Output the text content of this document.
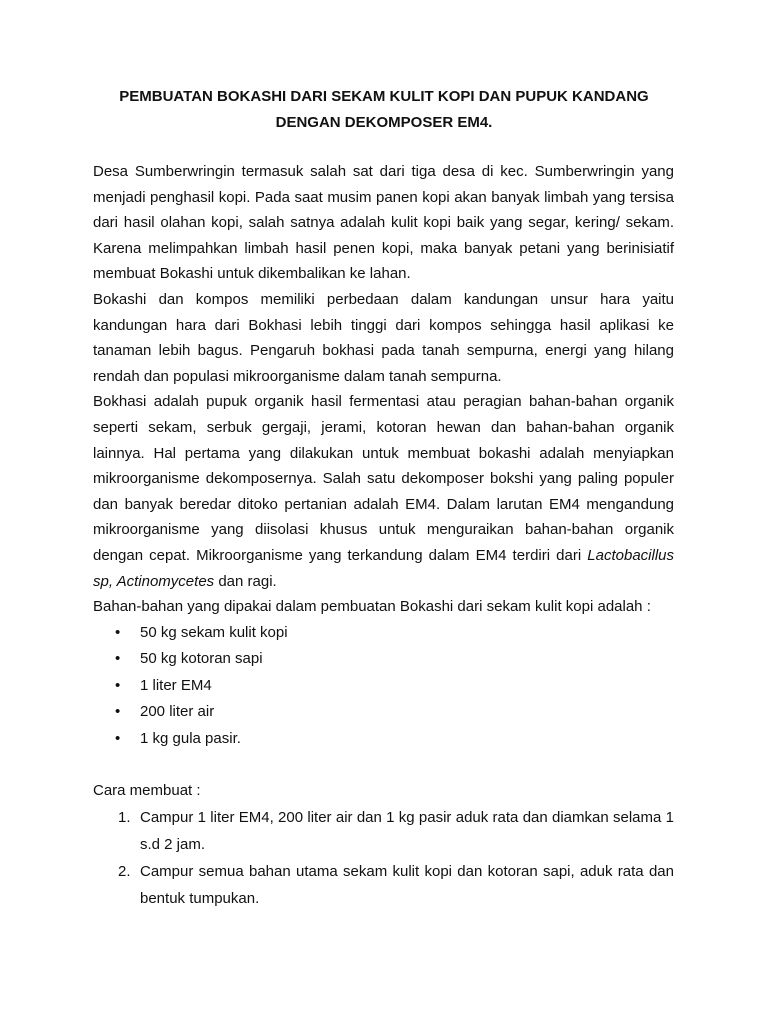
PEMBUATAN BOKASHI DARI SEKAM KULIT KOPI DAN PUPUK KANDANG
DENGAN DEKOMPOSER EM4.

Desa Sumberwringin termasuk salah sat dari tiga desa di kec. Sumberwringin yang menjadi penghasil kopi. Pada saat musim panen kopi akan banyak limbah yang tersisa dari hasil olahan kopi, salah satnya adalah kulit kopi baik yang segar, kering/ sekam. Karena melimpahkan limbah hasil penen kopi, maka banyak petani yang berinisiatif membuat Bokashi untuk dikembalikan ke lahan.

Bokashi dan kompos memiliki perbedaan dalam kandungan unsur hara yaitu kandungan hara dari Bokhasi lebih tinggi dari kompos sehingga hasil aplikasi ke tanaman lebih bagus. Pengaruh bokhasi pada tanah sempurna, energi yang hilang rendah dan populasi mikroorganisme dalam tanah sempurna.

Bokhasi adalah pupuk organik hasil fermentasi atau peragian bahan-bahan organik seperti sekam, serbuk gergaji, jerami, kotoran hewan dan bahan-bahan organik lainnya. Hal pertama yang dilakukan untuk membuat bokashi adalah menyiapkan mikroorganisme dekomposernya. Salah satu dekomposer bokshi yang paling populer dan banyak beredar ditoko pertanian adalah EM4. Dalam larutan EM4 mengandung mikroorganisme yang diisolasi khusus untuk menguraikan bahan-bahan organik dengan cepat. Mikroorganisme yang terkandung dalam EM4 terdiri dari Lactobacillus sp, Actinomycetes dan ragi.

Bahan-bahan yang dipakai dalam pembuatan Bokashi dari sekam kulit kopi adalah :

• 50 kg sekam kulit kopi
• 50 kg kotoran sapi
• 1 liter EM4
• 200 liter air
• 1 kg gula pasir.

Cara membuat :

1. Campur 1 liter EM4, 200 liter air dan 1 kg pasir aduk rata dan diamkan selama 1 s.d 2 jam.
2. Campur semua bahan utama sekam kulit kopi dan kotoran sapi, aduk rata dan bentuk tumpukan.
